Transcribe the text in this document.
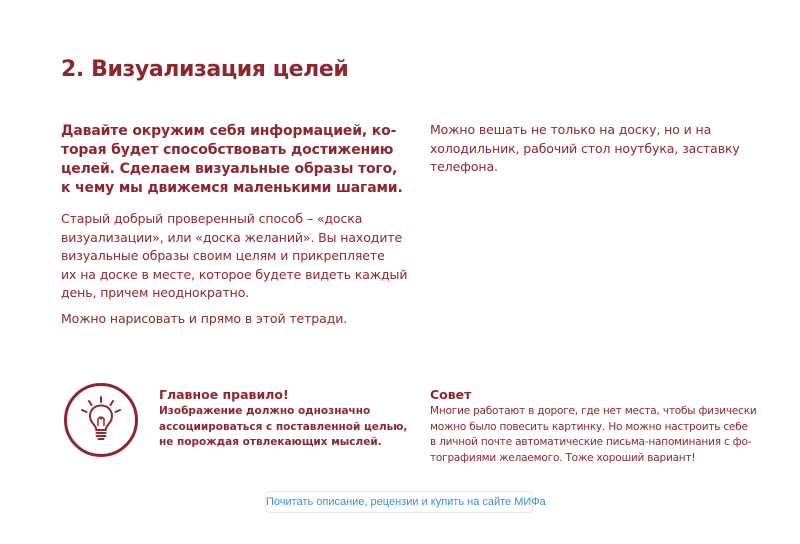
2. Визуализация целей
Давайте окружим себя информацией, ко-
торая будет способствовать достижению
целей. Сделаем визуальные образы того,
к чему мы движемся маленькими шагами.
Старый добрый проверенный способ – «доска
визуализации», или «доска желаний». Вы находите
визуальные образы своим целям и прикрепляете
их на доске в месте, которое будете видеть каждый
день, причем неоднократно.
Можно нарисовать и прямо в этой тетради.
Можно вешать не только на доску, но и на
холодильник, рабочий стол ноутбука, заставку
телефона.
Главное правило!
Изображение должно однозначно
ассоциироваться с поставленной целью,
не порождая отвлекающих мыслей.
Совет
Многие работают в дороге, где нет места, чтобы физически
можно было повесить картинку. Но можно настроить себе
в личной почте автоматические письма-напоминания с фо-
тографиями желаемого. Тоже хороший вариант!
Почитать описание, рецензии и купить на сайте МИФа
